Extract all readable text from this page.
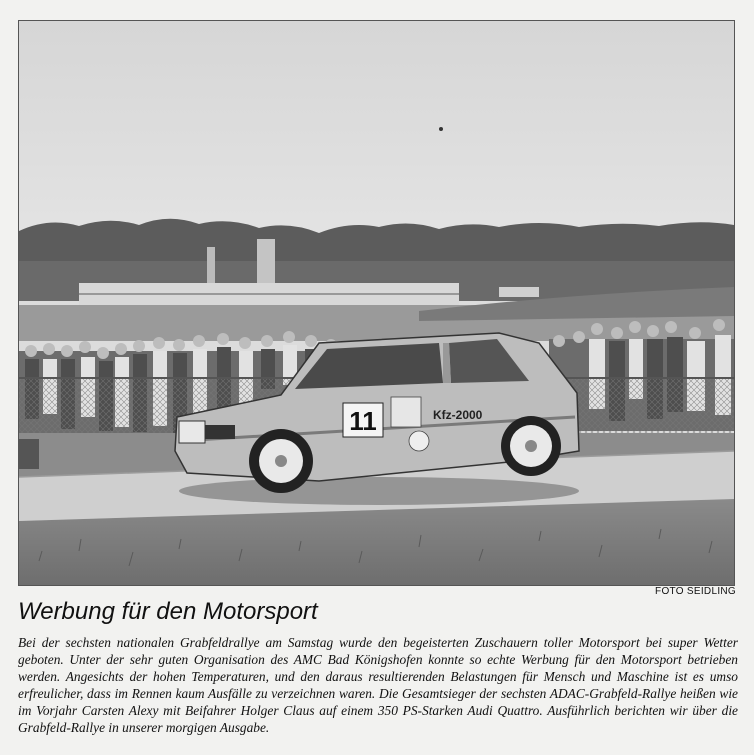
11	Kfz-2000
FOTO SEIDLING
Werbung für den Motorsport

Bei der sechsten nationalen Grabfeldrallye am Samstag wurde den begeisterten Zuschauern toller Motorsport bei super Wetter geboten. Unter der sehr guten Organisation des AMC Bad Königshofen konnte so echte Werbung für den Motorsport betrieben werden. Angesichts der hohen Temperaturen, und den daraus resultierenden Belastungen für Mensch und Maschine ist es umso erfreulicher, dass im Rennen kaum Ausfälle zu verzeichnen waren. Die Gesamtsieger der sechsten ADAC-Grabfeld-Rallye heißen wie im Vorjahr Carsten Alexy mit Beifahrer Holger Claus auf einem 350 PS-Starken Audi Quattro. Ausführlich berichten wir über die Grabfeld-Rallye in unserer morgigen Ausgabe.
